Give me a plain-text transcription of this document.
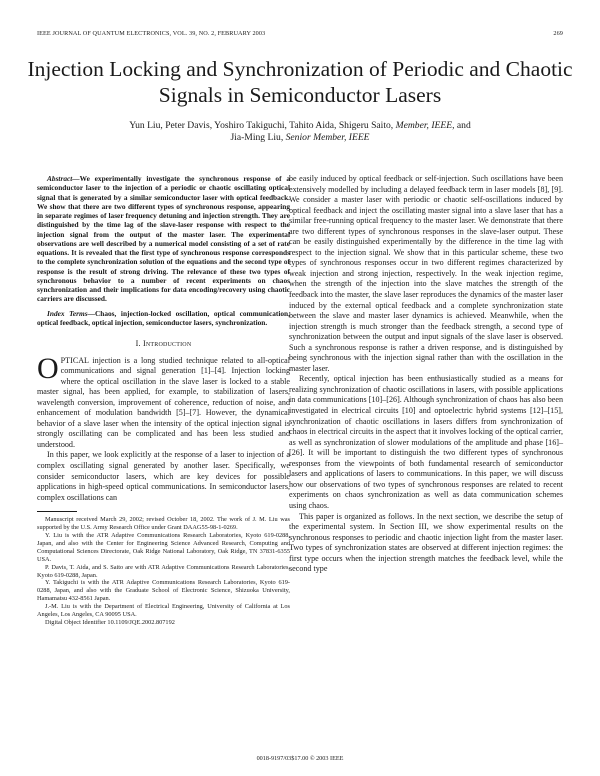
IEEE JOURNAL OF QUANTUM ELECTRONICS, VOL. 39, NO. 2, FEBRUARY 2003	269
Injection Locking and Synchronization of Periodic and Chaotic Signals in Semiconductor Lasers
Yun Liu, Peter Davis, Yoshiro Takiguchi, Tahito Aida, Shigeru Saito, Member, IEEE, and
Jia-Ming Liu, Senior Member, IEEE

Abstract—We experimentally investigate the synchronous response of a semiconductor laser to the injection of a periodic or chaotic oscillating optical signal that is generated by a similar semiconductor laser with optical feedback. We show that there are two different types of synchronous response, appearing in separate regimes of laser frequency detuning and injection strength. They are distinguished by the time lag of the slave-laser response with respect to the injection signal from the output of the master laser. The experimental observations are well described by a numerical model consisting of a set of rate equations. It is revealed that the first type of synchronous response corresponds to the complete synchronization solution of the equations and the second type of response is the result of strong driving. The relevance of these two types of synchronous behavior to a number of recent experiments on chaos synchronization and their implications for data encoding/recovery using chaotic carriers are discussed.

Index Terms—Chaos, injection-locked oscillation, optical communication, optical feedback, optical injection, semiconductor lasers, synchronization.

I. Introduction

OPTICAL injection is a long studied technique related to all-optical communications and signal generation [1]–[4]. Injection locking where the optical oscillation in the slave laser is locked to a stable master signal, has been applied, for example, to stabilization of lasers, wavelength conversion, improvement of coherence, reduction of noise, and enhancement of modulation bandwidth [5]–[7]. However, the dynamical behavior of a slave laser when the intensity of the optical injection signal is strongly oscillating can be complicated and has been less studied and understood.

In this paper, we look explicitly at the response of a laser to injection of a complex oscillating signal generated by another laser. Specifically, we consider semiconductor lasers, which are key devices for possible applications in high-speed optical communications. In semiconductor lasers, complex oscillations can

Manuscript received March 29, 2002; revised October 18, 2002. The work of J. M. Liu was supported by the U.S. Army Research Office under Grant DAAG55-98-1-0269.

Y. Liu is with the ATR Adaptive Communications Research Laboratories, Kyoto 619-0288, Japan, and also with the Center for Engineering Science Advanced Research, Computing and Computational Sciences Directorate, Oak Ridge National Laboratory, Oak Ridge, TN 37831-6355 USA.

P. Davis, T. Aida, and S. Saito are with ATR Adaptive Communications Research Laboratories, Kyoto 619-0288, Japan.

Y. Takiguchi is with the ATR Adaptive Communications Research Laboratories, Kyoto 619-0288, Japan, and also with the Graduate School of Electronic Science, Shizuoka University, Hamamatsu 432-8561 Japan.

J.-M. Liu is with the Department of Electrical Engineering, University of California at Los Angeles, Los Angeles, CA 90095 USA.

Digital Object Identifier 10.1109/JQE.2002.807192

be easily induced by optical feedback or self-injection. Such oscillations have been extensively modelled by including a delayed feedback term in laser models [8], [9]. We consider a master laser with periodic or chaotic self-oscillations induced by optical feedback and inject the oscillating master signal into a slave laser that has a similar free-running optical frequency to the master laser. We demonstrate that there are two different types of synchronous responses in the slave-laser output. These can be easily distinguished experimentally by the difference in the time lag with respect to the injection signal. We show that in this particular scheme, these two types of synchronous responses occur in two different regimes characterized by weak injection and strong injection, respectively. In the weak injection regime, when the strength of the injection into the slave matches the strength of the feedback into the master, the slave laser reproduces the dynamics of the master laser induced by the external optical feedback and a complete synchronization state between the slave and master laser dynamics is achieved. Meanwhile, when the injection strength is much stronger than the feedback strength, a second type of synchronization between the output and input signals of the slave laser is observed. Such a synchronous response is rather a driven response, and is distinguished by being synchronous with the injection signal rather than with the oscillation in the master laser.

Recently, optical injection has been enthusiastically studied as a means for realizing synchronization of chaotic oscillations in lasers, with possible applications in data communications [10]–[26]. Although synchronization of chaos has also been investigated in electrical circuits [10] and optoelectric hybrid systems [12]–[15], synchronization of chaotic oscillations in lasers differs from synchronization of chaos in electrical circuits in the aspect that it involves locking of the optical carrier, as well as synchronization of slower modulations of the amplitude and phase [16]–[26]. It will be important to distinguish the two different types of synchronous responses from the viewpoints of both fundamental research of semiconductor lasers and applications of lasers to communications. In this paper, we will discuss how our observations of two types of synchronous responses are related to recent experiments on chaos synchronization as well as data communication schemes using chaos.

This paper is organized as follows. In the next section, we describe the setup of the experimental system. In Section III, we show experimental results on the synchronous responses to periodic and chaotic injection light from the master laser. Two types of synchronization states are observed at different injection regimes: the first type occurs when the injection strength matches the feedback level, while the second type

0018-9197/03$17.00 © 2003 IEEE
